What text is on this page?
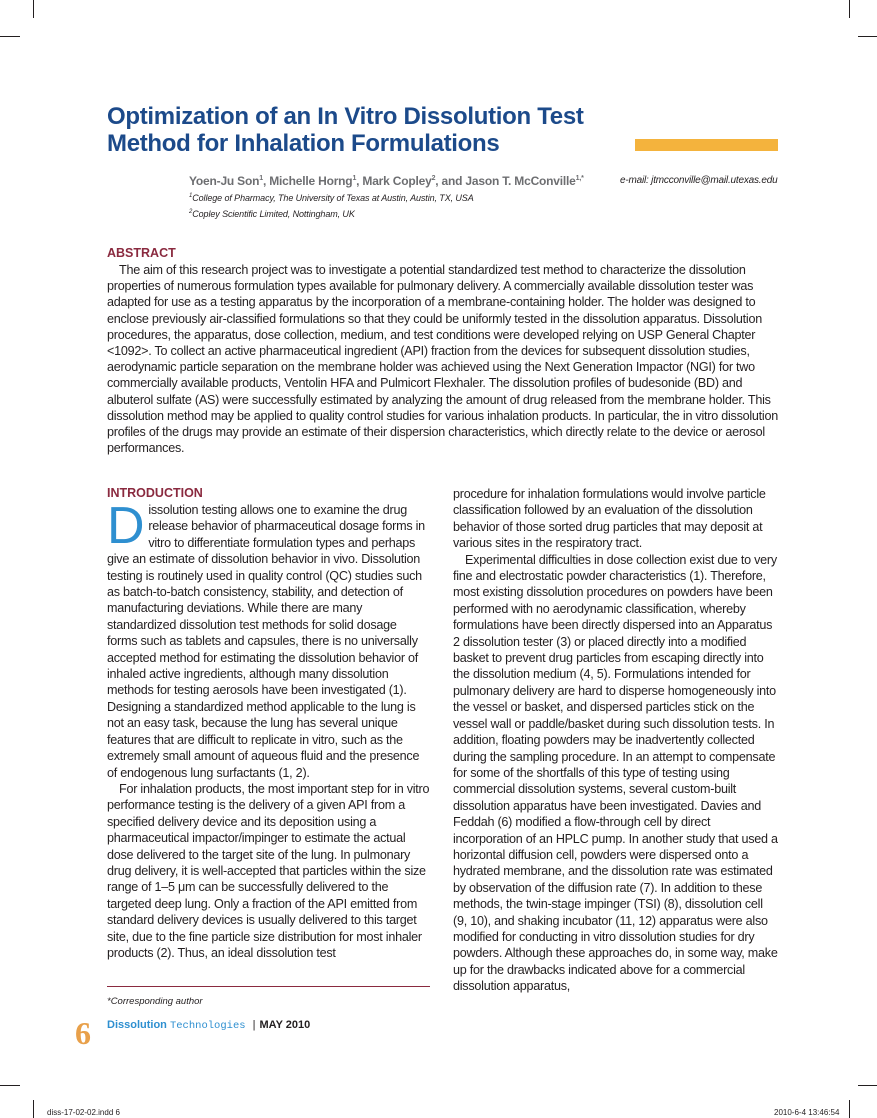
Optimization of an In Vitro Dissolution Test Method for Inhalation Formulations
Yoen-Ju Son$^1$, Michelle Horng$^1$, Mark Copley$^2$, and Jason T. McConville$^{1,*}$	e-mail: jtmcconville@mail.utexas.edu
$^1$College of Pharmacy, The University of Texas at Austin, Austin, TX, USA
$^2$Copley Scientific Limited, Nottingham, UK
ABSTRACT

The aim of this research project was to investigate a potential standardized test method to characterize the dissolution properties of numerous formulation types available for pulmonary delivery. A commercially available dissolution tester was adapted for use as a testing apparatus by the incorporation of a membrane-containing holder. The holder was designed to enclose previously air-classified formulations so that they could be uniformly tested in the dissolution apparatus. Dissolution procedures, the apparatus, dose collection, medium, and test conditions were developed relying on USP General Chapter <1092>. To collect an active pharmaceutical ingredient (API) fraction from the devices for subsequent dissolution studies, aerodynamic particle separation on the membrane holder was achieved using the Next Generation Impactor (NGI) for two commercially available products, Ventolin HFA and Pulmicort Flexhaler. The dissolution profiles of budesonide (BD) and albuterol sulfate (AS) were successfully estimated by analyzing the amount of drug released from the membrane holder. This dissolution method may be applied to quality control studies for various inhalation products. In particular, the in vitro dissolution profiles of the drugs may provide an estimate of their dispersion characteristics, which directly relate to the device or aerosol performances.

INTRODUCTION

Dissolution testing allows one to examine the drug release behavior of pharmaceutical dosage forms in vitro to differentiate formulation types and perhaps give an estimate of dissolution behavior in vivo. Dissolution testing is routinely used in quality control (QC) studies such as batch-to-batch consistency, stability, and detection of manufacturing deviations. While there are many standardized dissolution test methods for solid dosage forms such as tablets and capsules, there is no universally accepted method for estimating the dissolution behavior of inhaled active ingredients, although many dissolution methods for testing aerosols have been investigated (1). Designing a standardized method applicable to the lung is not an easy task, because the lung has several unique features that are difficult to replicate in vitro, such as the extremely small amount of aqueous fluid and the presence of endogenous lung surfactants (1, 2).

For inhalation products, the most important step for in vitro performance testing is the delivery of a given API from a specified delivery device and its deposition using a pharmaceutical impactor/impinger to estimate the actual dose delivered to the target site of the lung. In pulmonary drug delivery, it is well-accepted that particles within the size range of 1–5 μm can be successfully delivered to the targeted deep lung. Only a fraction of the API emitted from standard delivery devices is usually delivered to this target site, due to the fine particle size distribution for most inhaler products (2). Thus, an ideal dissolution test

procedure for inhalation formulations would involve particle classification followed by an evaluation of the dissolution behavior of those sorted drug particles that may deposit at various sites in the respiratory tract.

Experimental difficulties in dose collection exist due to very fine and electrostatic powder characteristics (1). Therefore, most existing dissolution procedures on powders have been performed with no aerodynamic classification, whereby formulations have been directly dispersed into an Apparatus 2 dissolution tester (3) or placed directly into a modified basket to prevent drug particles from escaping directly into the dissolution medium (4, 5). Formulations intended for pulmonary delivery are hard to disperse homogeneously into the vessel or basket, and dispersed particles stick on the vessel wall or paddle/basket during such dissolution tests. In addition, floating powders may be inadvertently collected during the sampling procedure. In an attempt to compensate for some of the shortfalls of this type of testing using commercial dissolution systems, several custom-built dissolution apparatus have been investigated. Davies and Feddah (6) modified a flow-through cell by direct incorporation of an HPLC pump. In another study that used a horizontal diffusion cell, powders were dispersed onto a hydrated membrane, and the dissolution rate was estimated by observation of the diffusion rate (7). In addition to these methods, the twin-stage impinger (TSI) (8), dissolution cell (9, 10), and shaking incubator (11, 12) apparatus were also modified for conducting in vitro dissolution studies for dry powders. Although these approaches do, in some way, make up for the drawbacks indicated above for a commercial dissolution apparatus,

*Corresponding author
6 Dissolution Technologies | MAY 2010
diss-17-02-02.indd 6	2010-6-4 13:46:54
